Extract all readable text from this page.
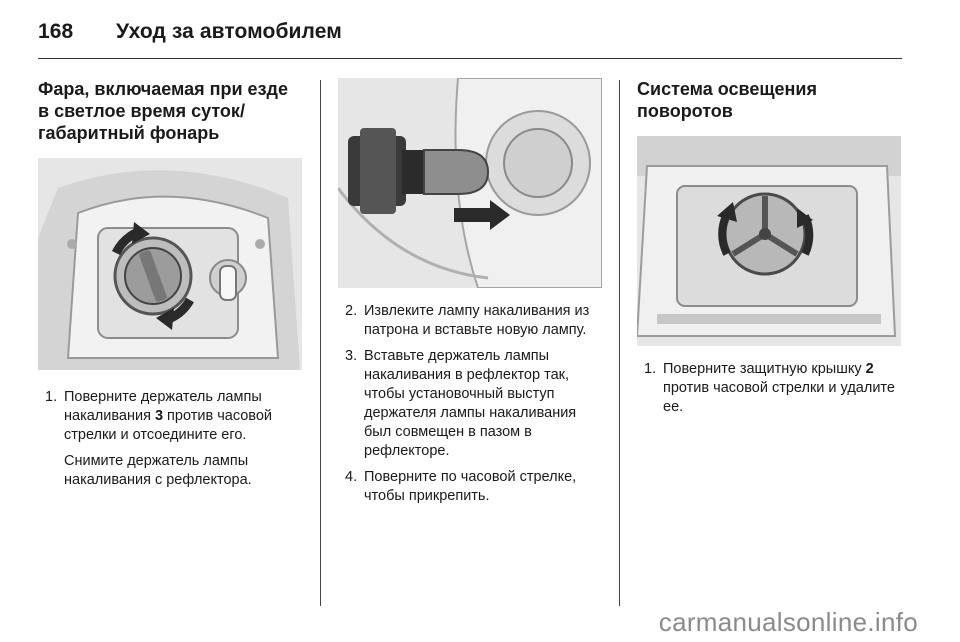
168 Уход за автомобилем
Фара, включаемая при езде
в светлое время суток/
габаритный фонарь
1. Поверните держатель лампы накаливания 3 против часовой стрелки и отсоедините его.
Снимите держатель лампы накаливания с рефлектора.
2. Извлеките лампу накаливания из патрона и вставьте новую лампу.
3. Вставьте держатель лампы накаливания в рефлектор так, чтобы установочный выступ держателя лампы накаливания был совмещен в пазом в рефлекторе.
4. Поверните по часовой стрелке, чтобы прикрепить.
Система освещения
поворотов
1. Поверните защитную крышку 2 против часовой стрелки и удалите ее.
carmanualsonline.info
